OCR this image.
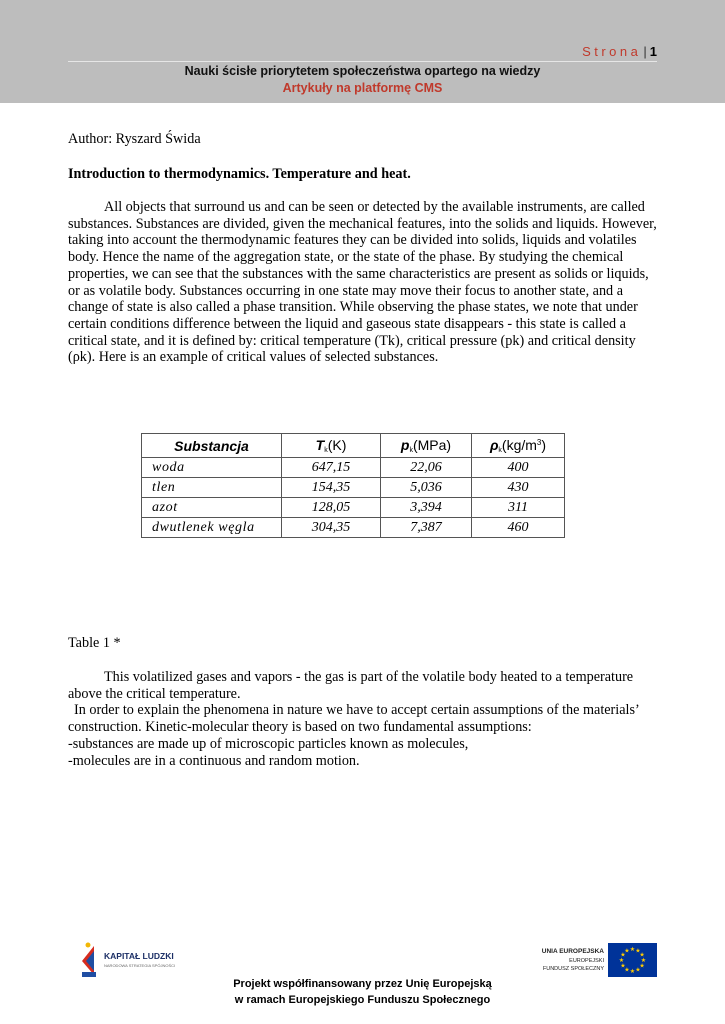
Strona | 1
Nauki ścisłe priorytetem społeczeństwa opartego na wiedzy
Artykuły na platformę CMS
Author: Ryszard Świda
Introduction to thermodynamics. Temperature and heat.
All objects that surround us and can be seen or detected by the available instruments, are called substances. Substances are divided, given the mechanical features, into the solids and liquids. However, taking into account the thermodynamic features they can be divided into solids, liquids and volatiles body. Hence the name of the aggregation state, or the state of the phase. By studying the chemical properties, we can see that the substances with the same characteristics are present as solids or liquids, or as volatile body. Substances occurring in one state may move their focus to another state, and a change of state is also called a phase transition. While observing the phase states, we note that under certain conditions difference between the liquid and gaseous state disappears - this state is called a critical state, and it is defined by: critical temperature (Tk), critical pressure (pk) and critical density (ρk). Here is an example of critical values of selected substances.
Substancja	$T_k(K)$	$p_k(MPa)$	$\rho_k(kg/m^3)$
woda	647,15	22,06	400
tlen	154,35	5,036	430
azot	128,05	3,394	311
dwutlenek węgla	304,35	7,387	460
Table 1 *
This volatilized gases and vapors - the gas is part of the volatile body heated to a temperature above the critical temperature.
In order to explain the phenomena in nature we have to accept certain assumptions of the materials’ construction. Kinetic-molecular theory is based on two fundamental assumptions:
-substances are made up of microscopic particles known as molecules,
-molecules are in a continuous and random motion.
KAPITAŁ LUDZKI
NARODOWA STRATEGIA SPÓJNOŚCI
UNIA EUROPEJSKA
EUROPEJSKI
FUNDUSZ SPOŁECZNY
★ ★
★
★
★
★
★
★
★
★
★
★
Projekt współfinansowany przez Unię Europejską
w ramach Europejskiego Funduszu Społecznego
